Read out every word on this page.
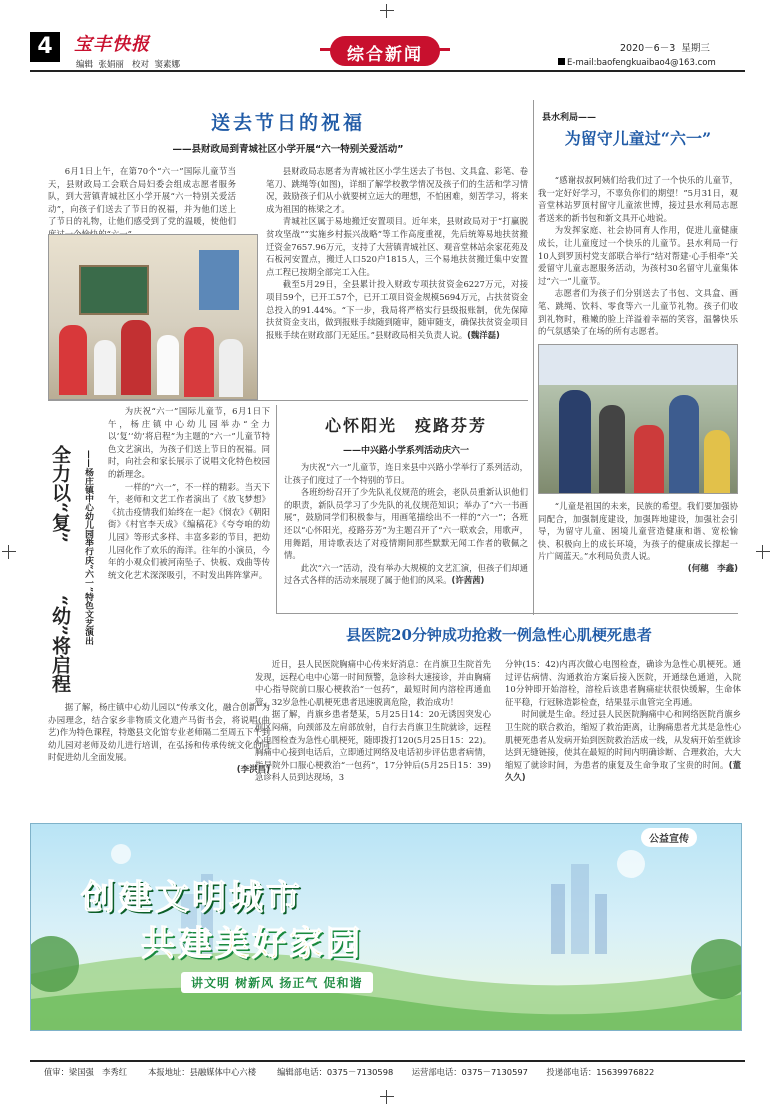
4	宝丰快报
编辑 张娟丽 校对 窦素娜	综合新闻	2020－6－3 星期三
E-mail:baofengkuaibao4@163.com
送去节日的祝福
——县财政局到青城社区小学开展“六一特别关爱活动”

6月1日上午，在第70个“六一”国际儿童节当天，县财政局工会联合局妇委会组成志愿者服务队，到大营镇青城社区小学开展“六一特别关爱活动”，向孩子们送去了节日的祝福，并为他们送上了节日的礼物，让他们感受到了党的温暖，使他们

县财政局志愿者为青城社区小学生送去了书包、文具盒、彩笔、卷笔刀、跳绳等(如图)，详细了解学校教学情况及孩子们的生活和学习情况，鼓励孩子们从小就要树立远大的理想，不怕困难，刻苦学习，将来成为祖国的栋梁之才。

青城社区属于易地搬迁安置项目。近年来，县财政局对于“打赢脱贫攻坚战”“实施乡村振兴战略”等工作高度重视，先后统筹易地扶贫搬迁资金7657.96万元，支持了大营镇青城社区、观音堂林站余家花苑及石板河安置点，搬迁人口520户1815人，三个易地扶贫搬迁集中安置点工程已按期全部完工入住。

截至5月29日，全县累计投入财政专项扶贫资金6227万元，对接项目59个，已开工57个，已开工项目资金规模5694万元，占扶贫资金总投入的91.44%。“下一步，我局将严格实行县级报账制，优先保障扶贫资金支出，做到报账手续随到随审，随审随支，确保扶贫资金项目报账手续在财政部门无延压。”县财政局相关负责人说。(魏洋磊)

县水利局——
为留守儿童过“六一”

“感谢叔叔阿姨们给我们过了一个快乐的儿童节，我一定好好学习，不辜负你们的期望！”5月31日，观音堂林站罗顶村留守儿童浓世博，接过县水利局志愿者送来的新书包和新文具开心地说。

为发挥家庭、社会协同育人作用，促进儿童健康成长，让儿童度过一个快乐的儿童节。县水利局一行10人到罗顶村党支部联合举行“结对帮建·心手相牵”关爱留守儿童志愿服务活动，为孩村30名留守儿童集体过“六一”儿童节。

志愿者们为孩子们分别送去了书包、文具盒、画笔、跳绳、饮料、零食等六一儿童节礼物。孩子们收到礼物时，稚嫩的脸上洋溢着幸福的笑容，温馨快乐的气氛感染了在场的所有志愿者。

“儿童是祖国的未来，民族的希望。我们要加强协同配合，加强制度建设，加强阵地建设，加强社会引导，为留守儿童、困境儿童营造健康和谐、宽松愉快、积极向上的成长环境，为孩子的健康成长撑起一片广阔蓝天。”水利局负责人说。

(何穗　李鑫)
全力以“复”
“幼”将启程 ——杨庄镇中心幼儿园举行庆“六一”特色文艺演出

为庆祝“六一”国际儿童节，6月1日下午，杨庄镇中心幼儿园举办“全力以‘复’‘幼’将启程”为主题的“六一”儿童节特色文艺演出，为孩子们送上节日的祝福。同时，向社会和家长展示了说唱文化特色校园的新理念。

一样的“六一”，不一样的精彩。当天下午，老师和文艺工作者演出了《放飞梦想》《抗击疫情我们始终在一起》《悯农》《朝阳街》《村官李天成》《编稿花》《夸夸咱的幼儿园》等形式多样、丰富多彩的节目，把幼儿园化作了欢乐的海洋。往年的小演员，今年的小观众们被河南坠子、快板、戏曲等传统文化艺术深深吸引，不时发出阵阵掌声。

据了解，杨庄镇中心幼儿园以“传承文化，融合创新”为办园理念，结合家乡非物质文化遗产马街书会，将说唱(曲艺)作为特色课程，特邀县文化馆专业老师隔二至周五下午到幼儿园对老师及幼儿进行培训，在弘扬和传承传统文化的同时促进幼儿全面发展。

(李洪昌)
心怀阳光　疫路芬芳
——中兴路小学系列活动庆六一

为庆祝“六一”儿童节，连日来县中兴路小学举行了系列活动，让孩子们度过了一个特别的节日。

各班纷纷召开了少先队礼仪规范的班会，老队员重新认识他们的职责，新队员学习了少先队的礼仪规范知识；举办了“六一书画展”，鼓励同学们积极参与，用画笔描绘出不一样的“六一”；各班还以“心怀阳光，疫路芬芳”为主题召开了“六一联欢会，用歌声，用舞蹈，用诗歌表达了对疫情期间那些默默无闻工作者的敬佩之情。

此次“六一”活动，没有举办大规模的文艺汇演，但孩子们却通过各式各样的活动来展现了属于他们的风采。(许茜茜)

县医院20分钟成功抢救一例急性心肌梗死患者

近日，县人民医院胸痛中心传来好消息：在肖旗卫生院首先发现，远程心电中心第一时间预警，急诊科大速接诊，并由胸痛中心指导院前口服心梗救治“一包药”，最短时间内溶栓再通血管，32岁急性心肌梗死患者迅速脱离危险，救治成功！

据了解，肖旗乡患者楚某，5月25日14：20无诱因突发心前区闷痛，向颈部及左肩部放射，自行去肖旗卫生院就诊，远程心电图检查为急性心肌梗死，随即拨打120(5月25日15：22)。胸痛中心接到电话后，立即通过网络及电话初步评估患者病情，指导院外口服心梗救治“一包药”，17分钟后(5月25日15：39)急诊科人员到达现场，3

分钟(15：42)内再次做心电图检查，确诊为急性心肌梗死。通过评估病情、沟通救治方案后接入医院，开通绿色通道，入院10分钟即开始溶栓，溶栓后该患者胸痛症状很快缓解，生命体征平稳，行冠脉造影检查，结果显示血管完全再通。

时间就是生命。经过县人民医院胸痛中心和网络医院肖旗乡卫生院的联合救治，缩短了救治距离，让胸痛患者尤其是急性心肌梗死患者从发病开始到医院救治活成一线，从发病开始至就诊达到无缝链接，使其在最短的时间内明确诊断、合理救治，大大缩短了就诊时间，为患者的康复及生命争取了宝贵的时间。(董久久)

公益宣传
创建文明城市
共建美好家园
讲文明 树新风 扬正气 促和谐
值审：梁国强　李秀红	本报地址：县融媒体中心六楼	编辑部电话：0375－7130598 运营部电话：0375－7130597 投递部电话：15639976822
